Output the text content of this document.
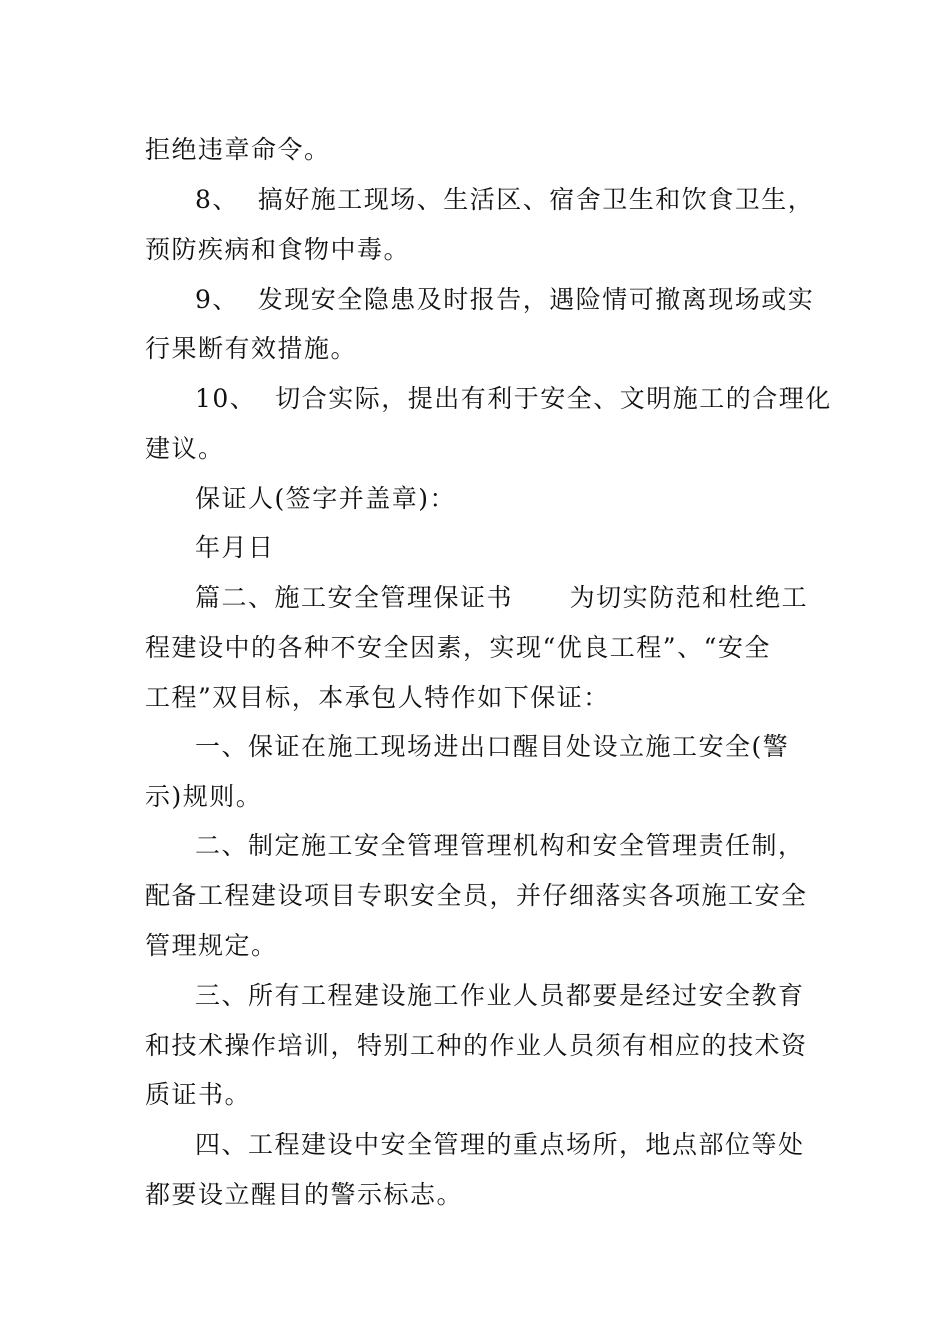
拒绝违章命令。
8、  搞好施工现场、生活区、宿舍卫生和饮食卫生，
预防疾病和食物中毒。
9、  发现安全隐患及时报告，遇险情可撤离现场或实
行果断有效措施。
10、  切合实际，提出有利于安全、文明施工的合理化
建议。
保证人(签字并盖章)：
年月日
篇二、施工安全管理保证书      为切实防范和杜绝工
程建设中的各种不安全因素，实现“优良工程”、“安全
工程”双目标，本承包人特作如下保证：
一、保证在施工现场进出口醒目处设立施工安全(警
示)规则。
二、制定施工安全管理管理机构和安全管理责任制，
配备工程建设项目专职安全员，并仔细落实各项施工安全
管理规定。
三、所有工程建设施工作业人员都要是经过安全教育
和技术操作培训，特别工种的作业人员须有相应的技术资
质证书。
四、工程建设中安全管理的重点场所，地点部位等处
都要设立醒目的警示标志。
